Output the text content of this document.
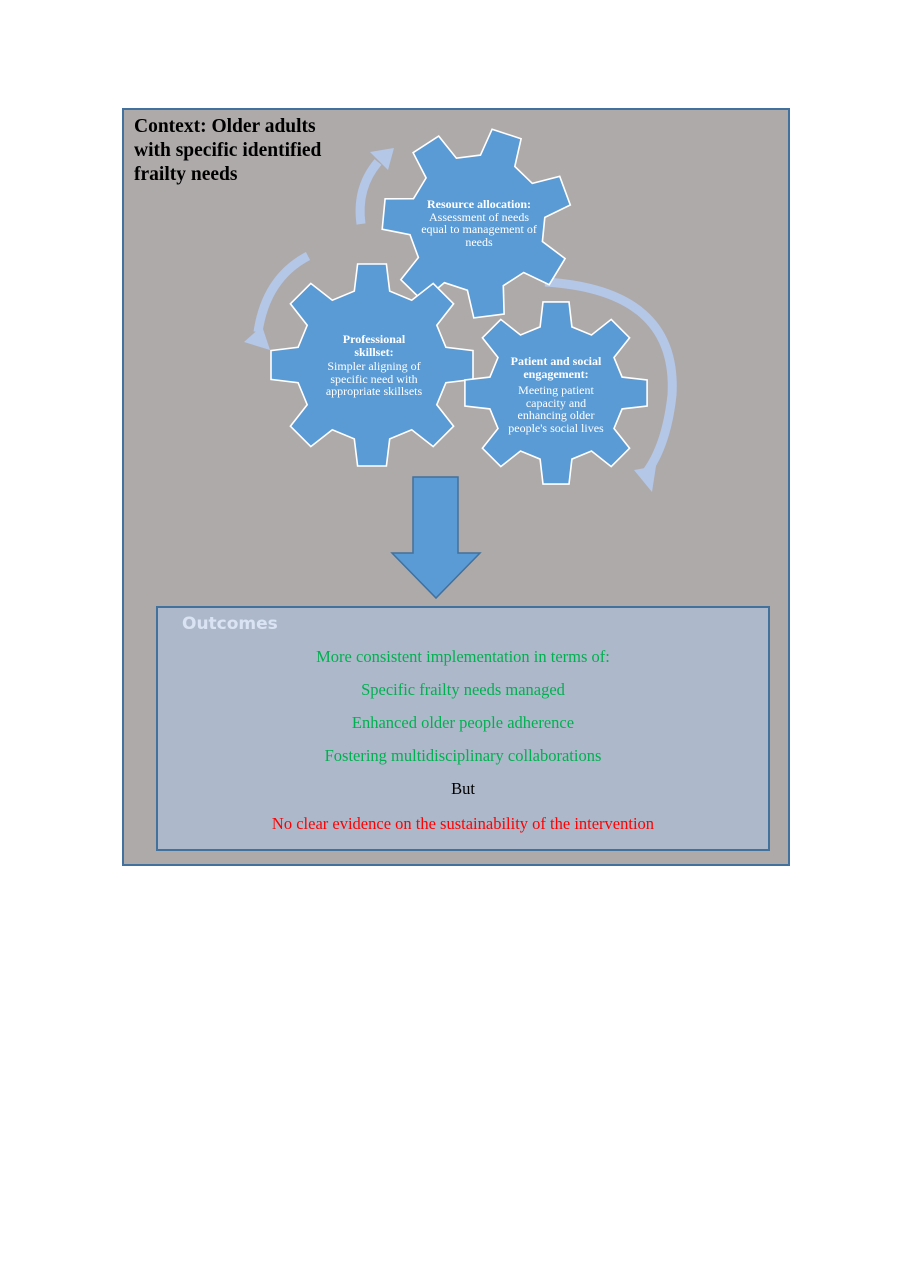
Context: Older adults with specific identified frailty needs
Resource allocation:
Assessment of needs equal to management of needs
Professional skillset:
Simpler aligning of specific need with appropriate skillsets
Patient and social engagement:
Meeting patient capacity and enhancing older people's social lives
Outcomes

More consistent implementation in terms of:

Specific frailty needs managed

Enhanced older people adherence

Fostering multidisciplinary collaborations

But

No clear evidence on the sustainability of the intervention
